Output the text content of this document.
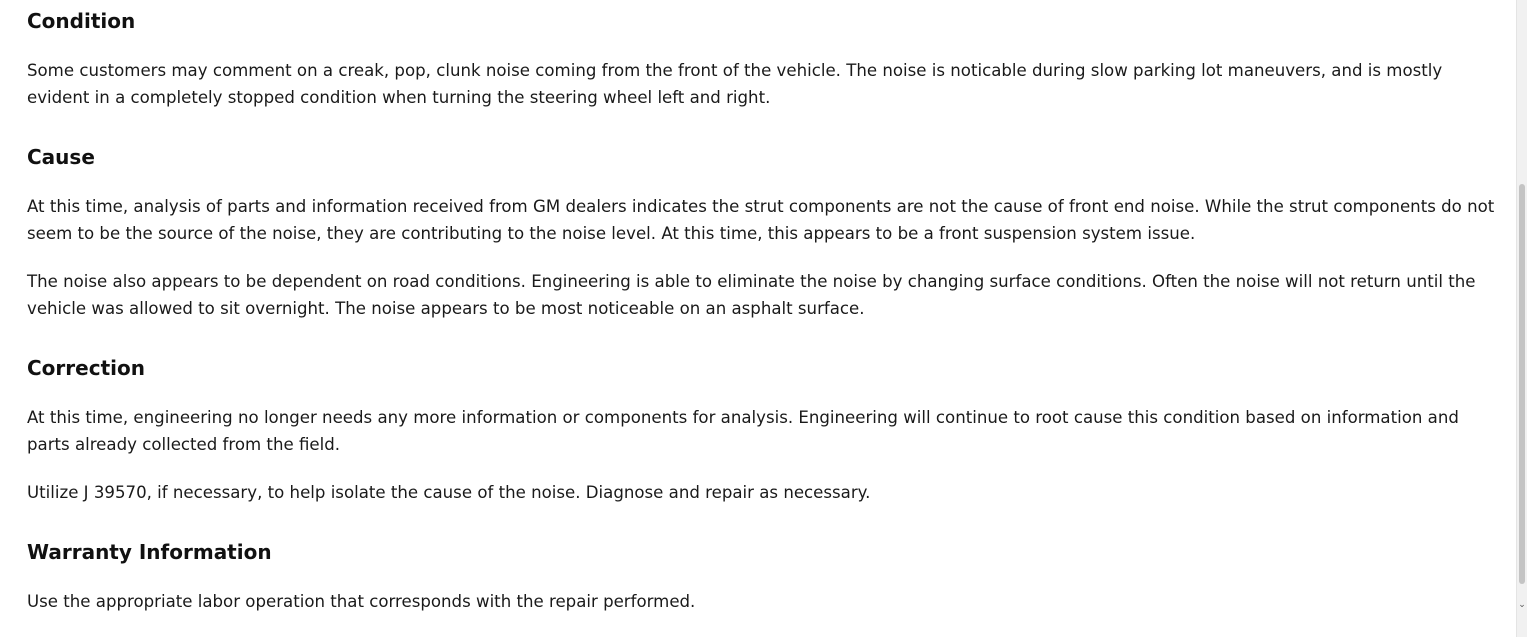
Condition

Some customers may comment on a creak, pop, clunk noise coming from the front of the vehicle. The noise is noticable during slow parking lot maneuvers, and is mostly evident in a completely stopped condition when turning the steering wheel left and right.

Cause

At this time, analysis of parts and information received from GM dealers indicates the strut components are not the cause of front end noise. While the strut components do not seem to be the source of the noise, they are contributing to the noise level. At this time, this appears to be a front suspension system issue.

The noise also appears to be dependent on road conditions. Engineering is able to eliminate the noise by changing surface conditions. Often the noise will not return until the vehicle was allowed to sit overnight. The noise appears to be most noticeable on an asphalt surface.

Correction

At this time, engineering no longer needs any more information or components for analysis. Engineering will continue to root cause this condition based on information and parts already collected from the field.

Utilize J 39570, if necessary, to help isolate the cause of the noise. Diagnose and repair as necessary.

Warranty Information

Use the appropriate labor operation that corresponds with the repair performed.	⌄
